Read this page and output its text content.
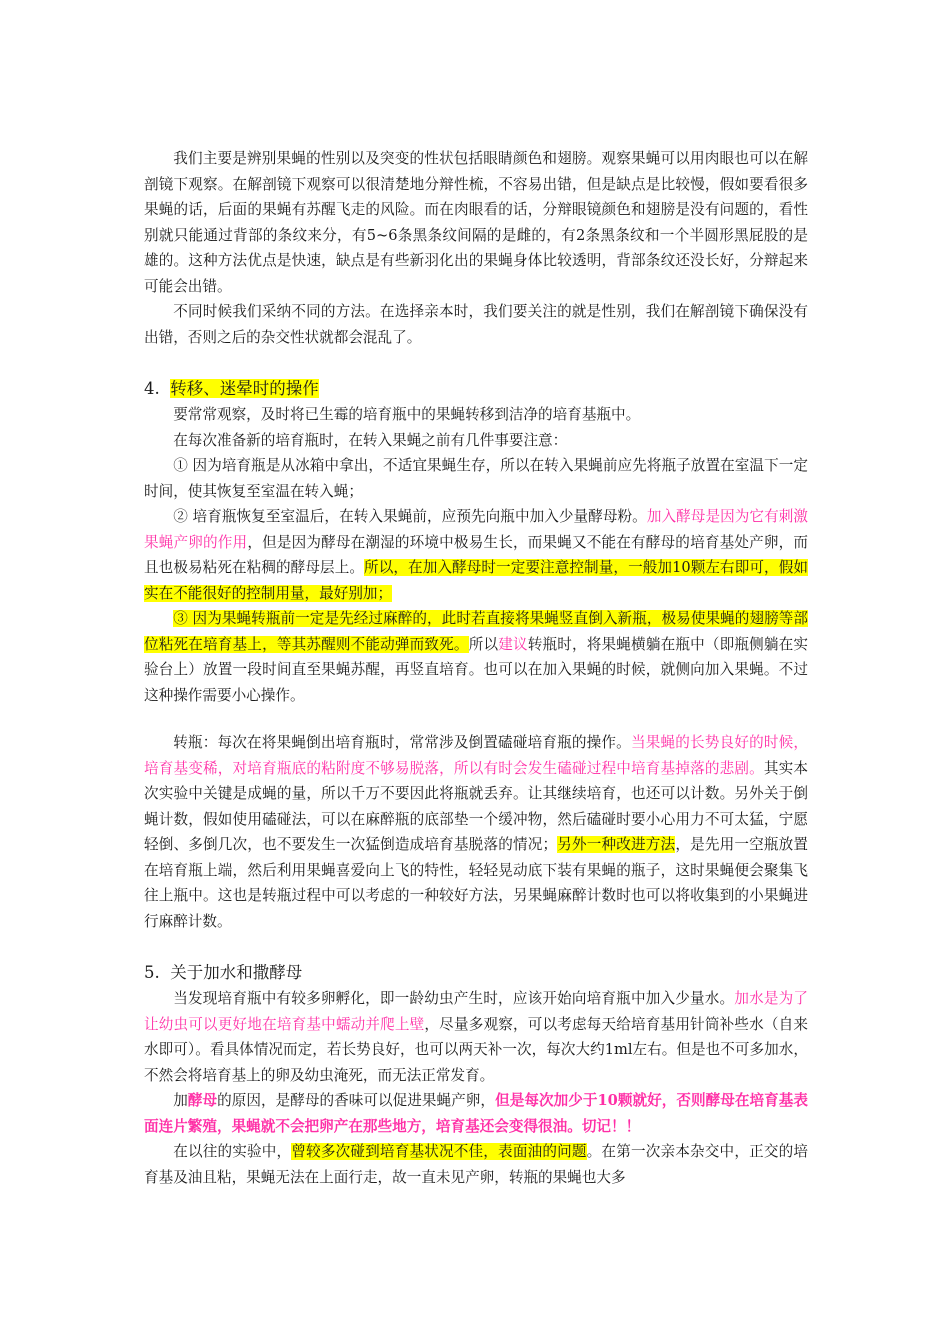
我们主要是辨别果蝇的性别以及突变的性状包括眼睛颜色和翅膀。观察果蝇可以用肉眼也可以在解剖镜下观察。在解剖镜下观察可以很清楚地分辩性梳，不容易出错，但是缺点是比较慢，假如要看很多果蝇的话，后面的果蝇有苏醒飞走的风险。而在肉眼看的话，分辩眼镜颜色和翅膀是没有问题的，看性别就只能通过背部的条纹来分，有5~6条黑条纹间隔的是雌的，有2条黑条纹和一个半圆形黑屁股的是雄的。这种方法优点是快速，缺点是有些新羽化出的果蝇身体比较透明，背部条纹还没长好，分辩起来可能会出错。

不同时候我们采纳不同的方法。在选择亲本时，我们要关注的就是性别，我们在解剖镜下确保没有出错，否则之后的杂交性状就都会混乱了。

4. 转移、迷晕时的操作

要常常观察，及时将已生霉的培育瓶中的果蝇转移到洁净的培育基瓶中。

在每次准备新的培育瓶时，在转入果蝇之前有几件事要注意：

① 因为培育瓶是从冰箱中拿出，不适宜果蝇生存，所以在转入果蝇前应先将瓶子放置在室温下一定时间，使其恢复至室温在转入蝇；

② 培育瓶恢复至室温后，在转入果蝇前，应预先向瓶中加入少量酵母粉。加入酵母是因为它有刺激果蝇产卵的作用，但是因为酵母在潮湿的环境中极易生长，而果蝇又不能在有酵母的培育基处产卵，而且也极易粘死在粘稠的酵母层上。所以，在加入酵母时一定要注意控制量，一般加10颗左右即可，假如实在不能很好的控制用量，最好别加；

③ 因为果蝇转瓶前一定是先经过麻醉的，此时若直接将果蝇竖直倒入新瓶，极易使果蝇的翅膀等部位粘死在培育基上，等其苏醒则不能动弹而致死。所以建议转瓶时，将果蝇横躺在瓶中（即瓶侧躺在实验台上）放置一段时间直至果蝇苏醒，再竖直培育。也可以在加入果蝇的时候，就侧向加入果蝇。不过这种操作需要小心操作。

转瓶：每次在将果蝇倒出培育瓶时，常常涉及倒置磕碰培育瓶的操作。当果蝇的长势良好的时候，培育基变稀，对培育瓶底的粘附度不够易脱落，所以有时会发生磕碰过程中培育基掉落的悲剧。其实本次实验中关键是成蝇的量，所以千万不要因此将瓶就丢弃。让其继续培育，也还可以计数。另外关于倒蝇计数，假如使用磕碰法，可以在麻醉瓶的底部垫一个缓冲物，然后磕碰时要小心用力不可太猛，宁愿轻倒、多倒几次，也不要发生一次猛倒造成培育基脱落的情况；另外一种改进方法，是先用一空瓶放置在培育瓶上端，然后利用果蝇喜爱向上飞的特性，轻轻晃动底下装有果蝇的瓶子，这时果蝇便会聚集飞往上瓶中。这也是转瓶过程中可以考虑的一种较好方法，另果蝇麻醉计数时也可以将收集到的小果蝇进行麻醉计数。

5. 关于加水和撒酵母

当发现培育瓶中有较多卵孵化，即一龄幼虫产生时，应该开始向培育瓶中加入少量水。加水是为了让幼虫可以更好地在培育基中蠕动并爬上壁，尽量多观察，可以考虑每天给培育基用针筒补些水（自来水即可）。看具体情况而定，若长势良好，也可以两天补一次，每次大约1ml左右。但是也不可多加水，不然会将培育基上的卵及幼虫淹死，而无法正常发育。

加酵母的原因，是酵母的香味可以促进果蝇产卵，但是每次加少于10颗就好，否则酵母在培育基表面连片繁殖，果蝇就不会把卵产在那些地方，培育基还会变得很油。切记！！

在以往的实验中，曾较多次碰到培育基状况不佳，表面油的问题。在第一次亲本杂交中，正交的培育基及油且粘，果蝇无法在上面行走，故一直未见产卵，转瓶的果蝇也大多
